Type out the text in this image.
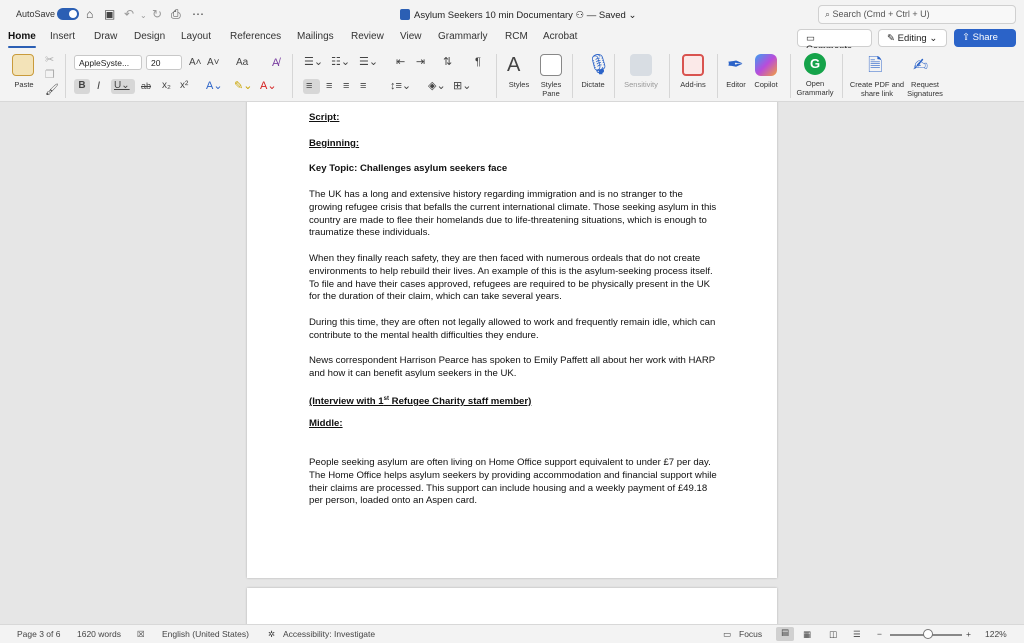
AutoSave	⌂ ▣ ↶ ⌄ ↻ ⎙ ⋯	Asylum Seekers 10 min Documentary ⚇ — Saved ⌄	⌕ Search (Cmd + Ctrl + U)
Home Insert Draw Design Layout References Mailings Review View Grammarly RCM Acrobat	▭	✎ Editing ⌄	⇪ Share
Paste
✂
❐
🖌
AppleSyste...	20	A˄ A˅ Aa A̸
B	I	U⌄	ab x₂ x² A⌄ ✎⌄ A⌄
☰⌄ ☷⌄ ☰⌄ ⇤ ⇥ ⇅ ¶
≡	≡ ≡ ≡ ↕≡⌄ ◈⌄ ⊞⌄
A
Styles	Styles Pane
🎙
Dictate	Sensitivity	Add-ins
✒
Editor	Copilot
G
Open Grammarly
🗎
Create PDF and share link
✍
Request Signatures

Script:

Beginning:

Key Topic: Challenges asylum seekers face

The UK has a long and extensive history regarding immigration and is no stranger to the growing refugee crisis that befalls the current international climate. Those seeking asylum in this country are made to flee their homelands due to life-threatening situations, which is enough to traumatize these individuals.

When they finally reach safety, they are then faced with numerous ordeals that do not create environments to help rebuild their lives. An example of this is the asylum-seeking process itself. To file and have their cases approved, refugees are required to be physically present in the UK for the duration of their claim, which can take several years.

During this time, they are often not legally allowed to work and frequently remain idle, which can contribute to the mental health difficulties they endure.

News correspondent Harrison Pearce has spoken to Emily Paffett all about her work with HARP and how it can benefit asylum seekers in the UK.

(Interview with 1st Refugee Charity staff member)

Middle:

People seeking asylum are often living on Home Office support equivalent to under £7 per day. The Home Office helps asylum seekers by providing accommodation and financial support while their claims are processed. This support can include housing and a weekly payment of £49.18 per person, loaded onto an Aspen card.

Page 3 of 6 1620 words ☒ English (United States) ✲ Accessibility: Investigate	▭ Focus	▤	▦ ◫ ☰ −	+ 122%
